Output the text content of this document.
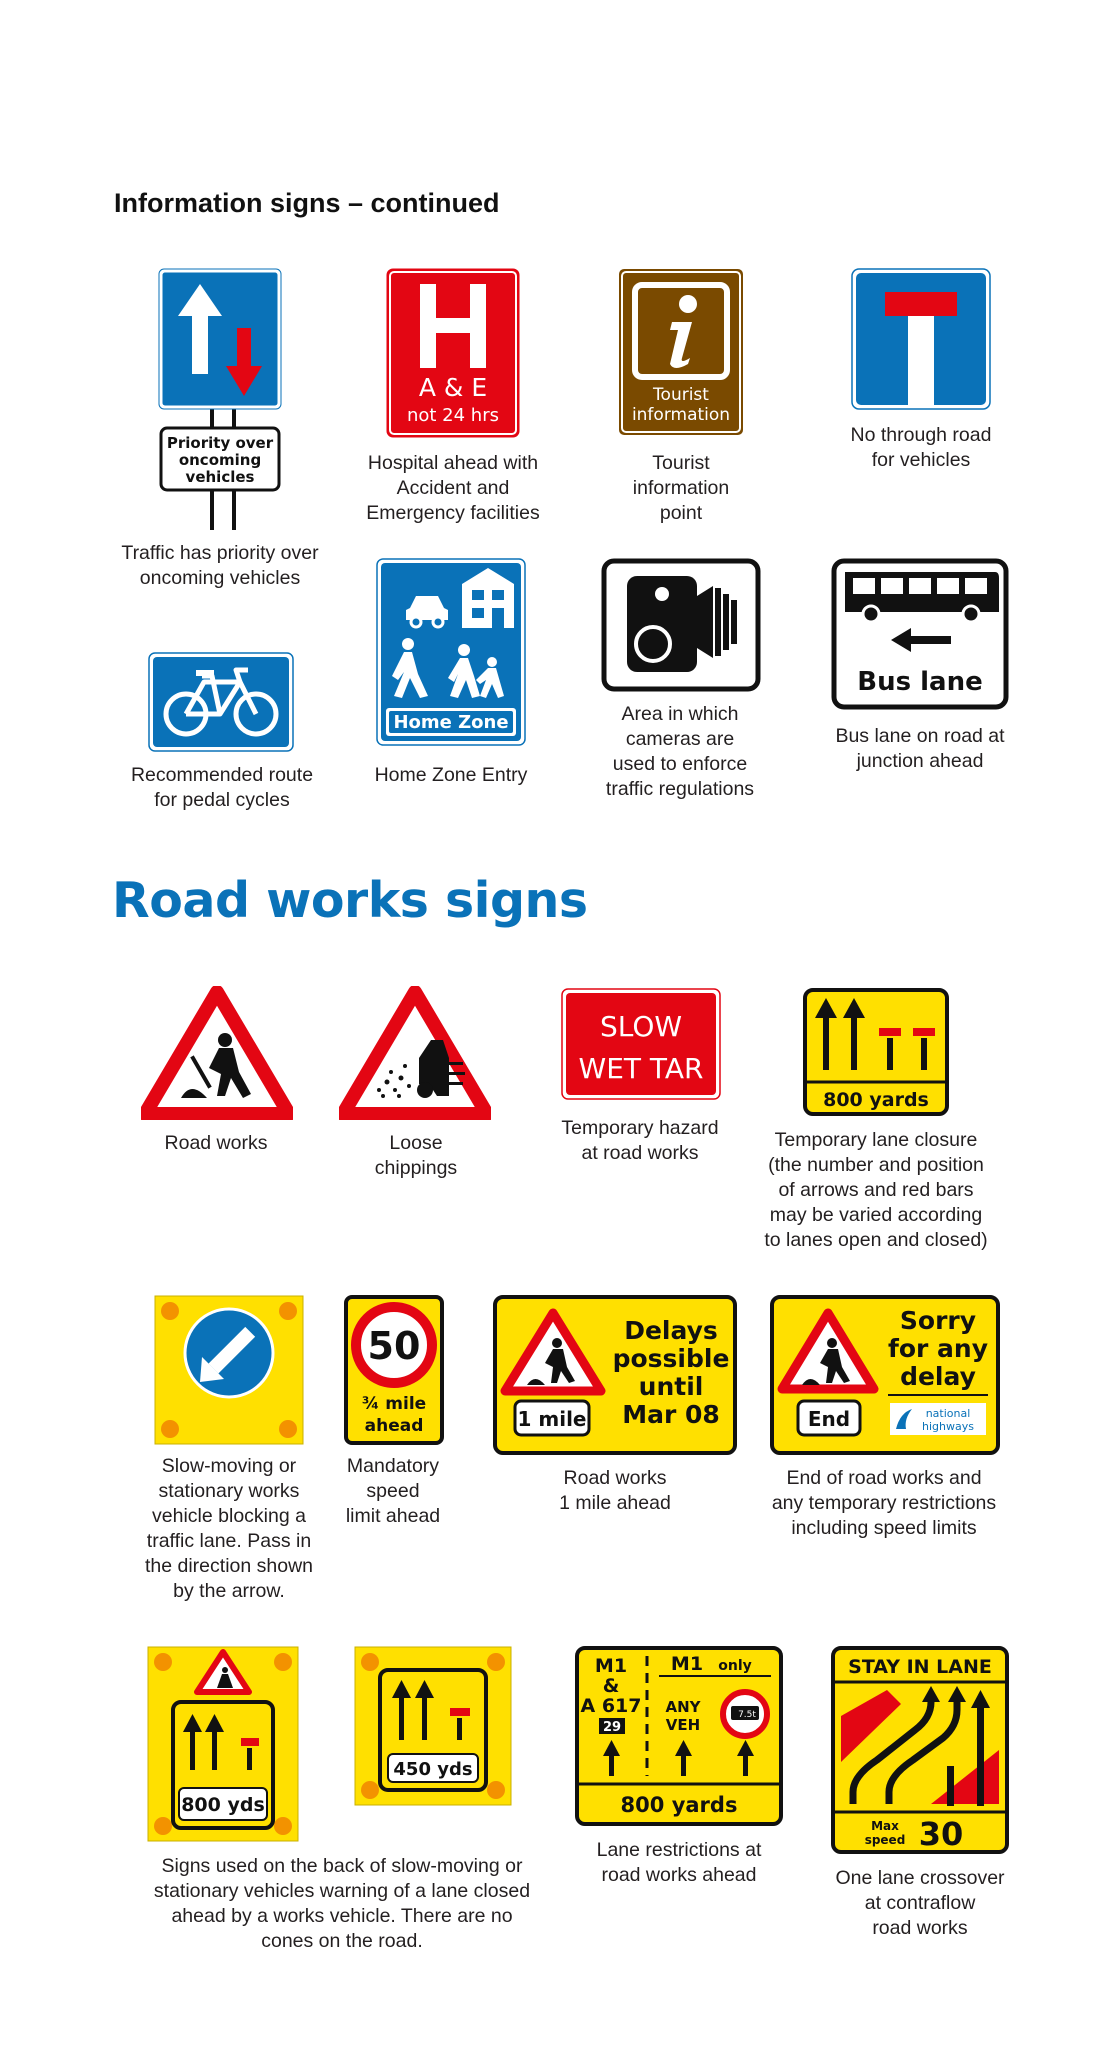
Information signs – continued
Priority over
oncoming
vehicles
Traffic has priority over
oncoming vehicles
A & E
not 24 hrs
Hospital ahead with
Accident and
Emergency facilities
Tourist
information
Tourist
information
point
No through road
for vehicles
Recommended route
for pedal cycles
Home Zone
Home Zone Entry
Area in which
cameras are
used to enforce
traffic regulations
Bus lane
Bus lane on road at
junction ahead
Road works signs
Road works	Loose
chippings
SLOW
WET TAR
Temporary hazard
at road works
800 yards
Temporary lane closure
(the number and position
of arrows and red bars
may be varied according
to lanes open and closed)
Slow-moving or
stationary works
vehicle blocking a
traffic lane. Pass in
the direction shown
by the arrow.
50
¾ mile
ahead
Mandatory
speed
limit ahead
1 mile
Delays
possible
until
Mar 08
Road works
1 mile ahead
End
Sorry
for any
delay
national
highways
End of road works and
any temporary restrictions
including speed limits
800 yds
450 yds
Signs used on the back of slow-moving or
stationary vehicles warning of a lane closed
ahead by a works vehicle. There are no
cones on the road.
M1
&
A 617
29
M1 only
ANY
VEH
7.5t
800 yards
Lane restrictions at
road works ahead
STAY IN LANE
Max
speed 30
One lane crossover
at contraflow
road works
